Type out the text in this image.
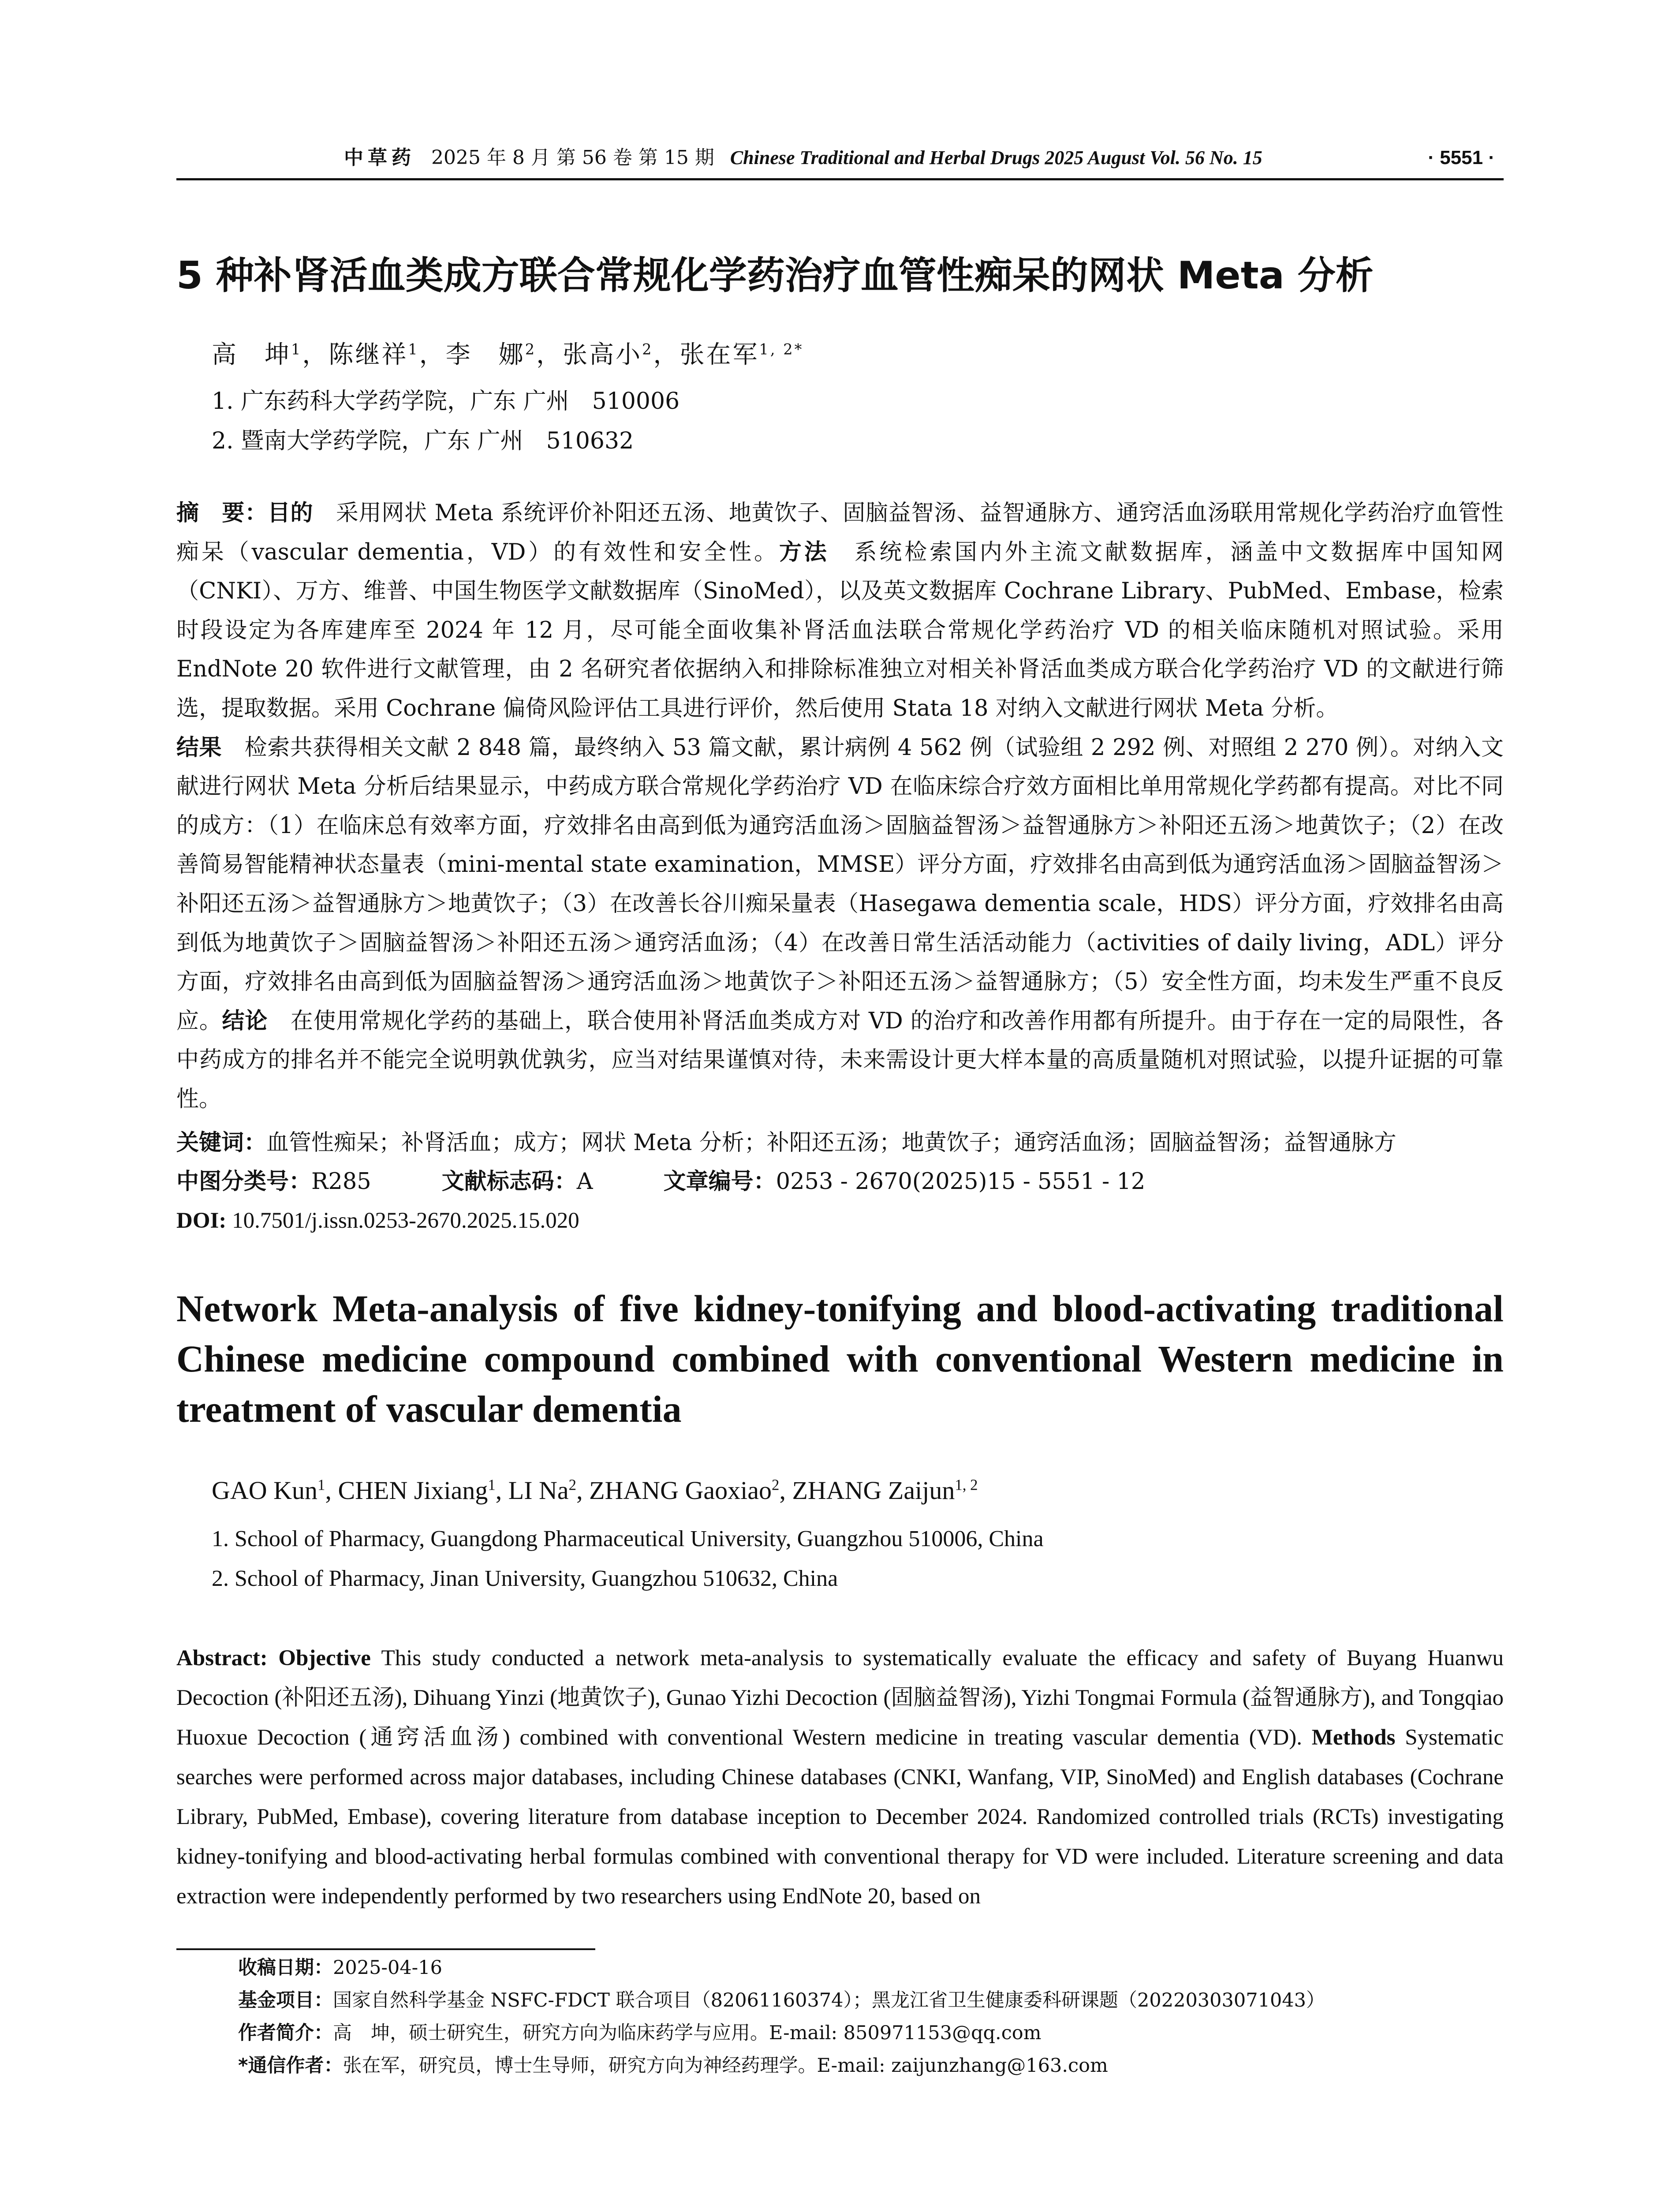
中草药 2025 年 8 月 第 56 卷 第 15 期 Chinese Traditional and Herbal Drugs 2025 August Vol. 56 No. 15	· 5551 ·
5 种补肾活血类成方联合常规化学药治疗血管性痴呆的网状 Meta 分析
高　坤$^1$，陈继祥$^1$，李　娜$^2$，张高小$^2$，张在军$^{1, 2*}$
1. 广东药科大学药学院，广东 广州　510006
2. 暨南大学药学院，广东 广州　510632
摘　要：目的　采用网状 Meta 系统评价补阳还五汤、地黄饮子、固脑益智汤、益智通脉方、通窍活血汤联用常规化学药治疗血管性痴呆（vascular dementia，VD）的有效性和安全性。方法　系统检索国内外主流文献数据库，涵盖中文数据库中国知网（CNKI）、万方、维普、中国生物医学文献数据库（SinoMed），以及英文数据库 Cochrane Library、PubMed、Embase，检索时段设定为各库建库至 2024 年 12 月，尽可能全面收集补肾活血法联合常规化学药治疗 VD 的相关临床随机对照试验。采用 EndNote 20 软件进行文献管理，由 2 名研究者依据纳入和排除标准独立对相关补肾活血类成方联合化学药治疗 VD 的文献进行筛选，提取数据。采用 Cochrane 偏倚风险评估工具进行评价，然后使用 Stata 18 对纳入文献进行网状 Meta 分析。
结果　检索共获得相关文献 2 848 篇，最终纳入 53 篇文献，累计病例 4 562 例（试验组 2 292 例、对照组 2 270 例）。对纳入文献进行网状 Meta 分析后结果显示，中药成方联合常规化学药治疗 VD 在临床综合疗效方面相比单用常规化学药都有提高。对比不同的成方：（1）在临床总有效率方面，疗效排名由高到低为通窍活血汤＞固脑益智汤＞益智通脉方＞补阳还五汤＞地黄饮子；（2）在改善简易智能精神状态量表（mini-mental state examination，MMSE）评分方面，疗效排名由高到低为通窍活血汤＞固脑益智汤＞补阳还五汤＞益智通脉方＞地黄饮子；（3）在改善长谷川痴呆量表（Hasegawa dementia scale，HDS）评分方面，疗效排名由高到低为地黄饮子＞固脑益智汤＞补阳还五汤＞通窍活血汤；（4）在改善日常生活活动能力（activities of daily living，ADL）评分方面，疗效排名由高到低为固脑益智汤＞通窍活血汤＞地黄饮子＞补阳还五汤＞益智通脉方；（5）安全性方面，均未发生严重不良反应。结论　在使用常规化学药的基础上，联合使用补肾活血类成方对 VD 的治疗和改善作用都有所提升。由于存在一定的局限性，各中药成方的排名并不能完全说明孰优孰劣，应当对结果谨慎对待，未来需设计更大样本量的高质量随机对照试验，以提升证据的可靠性。
关键词：血管性痴呆；补肾活血；成方；网状 Meta 分析；补阳还五汤；地黄饮子；通窍活血汤；固脑益智汤；益智通脉方
中图分类号：R285	文献标志码：A	文章编号：0253 - 2670(2025)15 - 5551 - 12
DOI: 10.7501/j.issn.0253-2670.2025.15.020
Network Meta-analysis of five kidney-tonifying and blood-activating traditional Chinese medicine compound combined with conventional Western medicine in treatment of vascular dementia
GAO Kun$^1$, CHEN Jixiang$^1$, LI Na$^2$, ZHANG Gaoxiao$^2$, ZHANG Zaijun$^{1, 2}$
1. School of Pharmacy, Guangdong Pharmaceutical University, Guangzhou 510006, China
2. School of Pharmacy, Jinan University, Guangzhou 510632, China
Abstract: Objective This study conducted a network meta-analysis to systematically evaluate the efficacy and safety of Buyang Huanwu Decoction (补阳还五汤), Dihuang Yinzi (地黄饮子), Gunao Yizhi Decoction (固脑益智汤), Yizhi Tongmai Formula (益智通脉方), and Tongqiao Huoxue Decoction (通窍活血汤) combined with conventional Western medicine in treating vascular dementia (VD). Methods Systematic searches were performed across major databases, including Chinese databases (CNKI, Wanfang, VIP, SinoMed) and English databases (Cochrane Library, PubMed, Embase), covering literature from database inception to December 2024. Randomized controlled trials (RCTs) investigating kidney-tonifying and blood-activating herbal formulas combined with conventional therapy for VD were included. Literature screening and data extraction were independently performed by two researchers using EndNote 20, based on
收稿日期：2025-04-16
基金项目：国家自然科学基金 NSFC-FDCT 联合项目（82061160374）；黑龙江省卫生健康委科研课题（20220303071043）
作者简介：高　坤，硕士研究生，研究方向为临床药学与应用。E-mail: 850971153@qq.com
*通信作者：张在军，研究员，博士生导师，研究方向为神经药理学。E-mail: zaijunzhang@163.com
